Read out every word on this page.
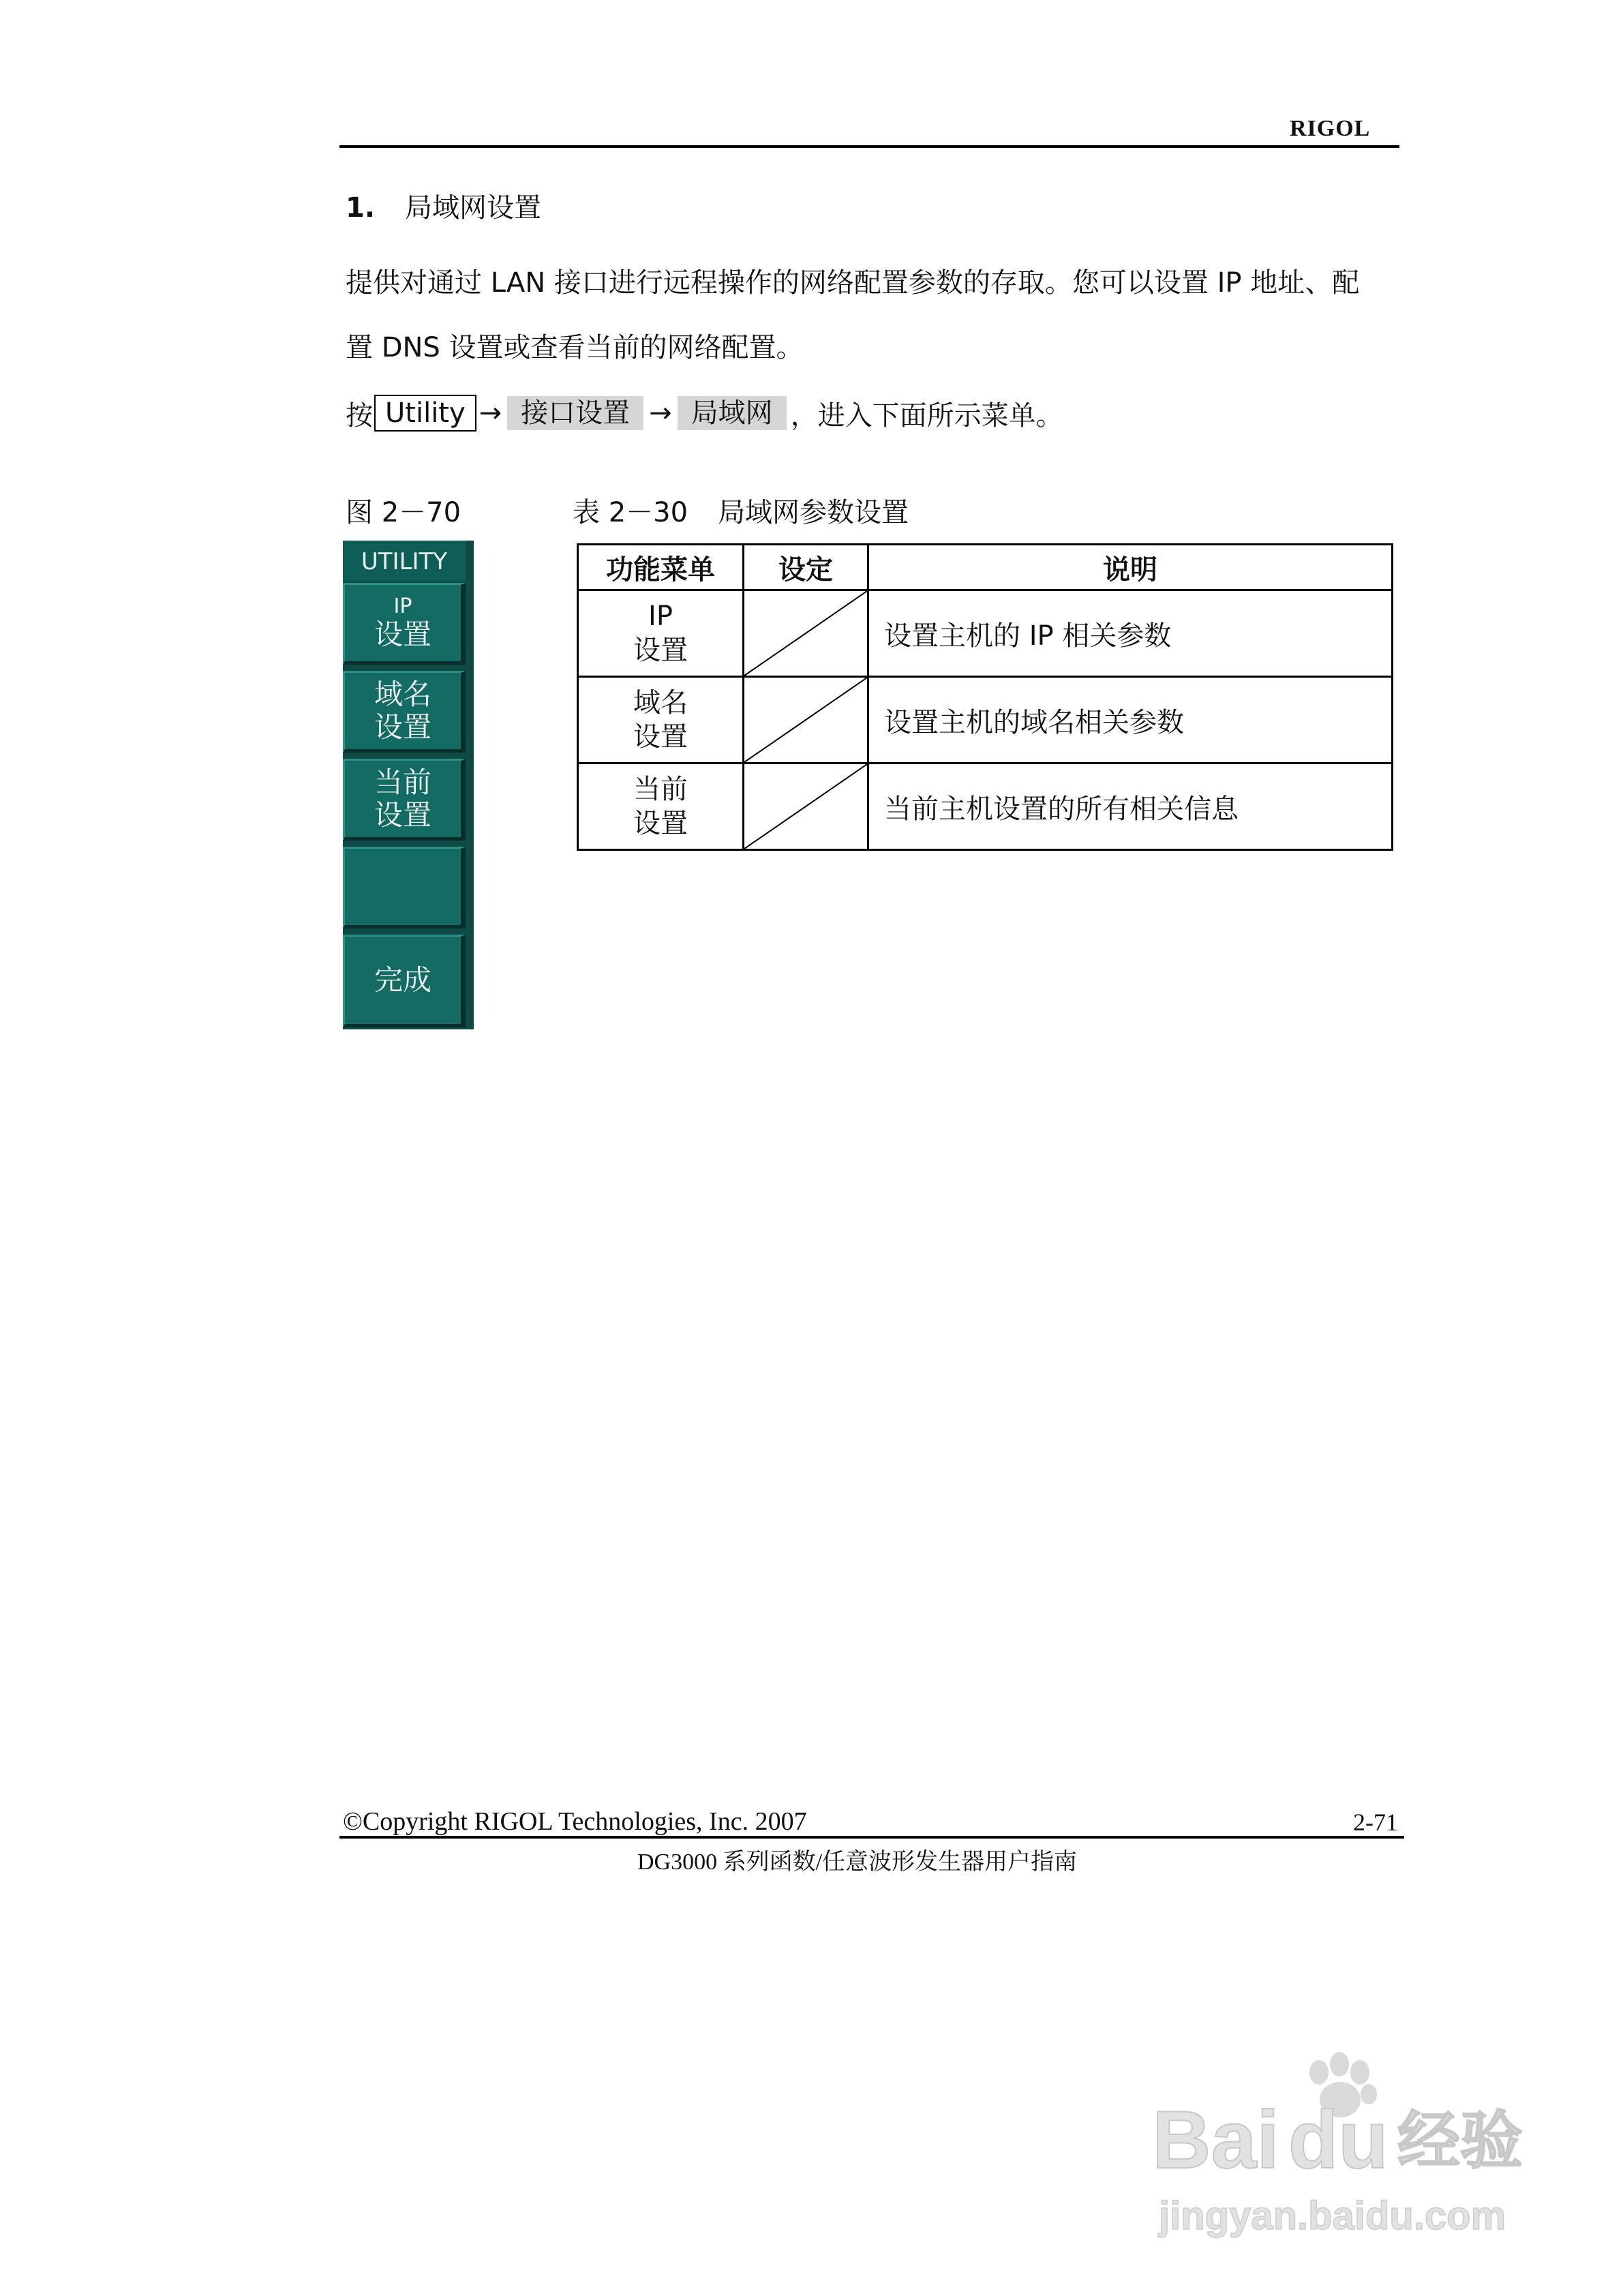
RIGOL
1. 局域网设置
提供对通过 LAN 接口进行远程操作的网络配置参数的存取。您可以设置 IP 地址、配
置 DNS 设置或查看当前的网络配置。
按 Utility → 接口设置 → 局域网 ，进入下面所示菜单。
图 2－70	表 2－30 局域网参数设置
UTILITY
IP
设置
域名
设置
当前
设置
完成
功能菜单	设定	说明

IP
设置		设置主机的 IP 相关参数

域名
设置		设置主机的域名相关参数

当前
设置		当前主机设置的所有相关信息
©Copyright RIGOL Technologies, Inc. 2007	2-71
DG3000 系列函数/任意波形发生器用户指南
Bai du 经验
jingyan.baidu.com
